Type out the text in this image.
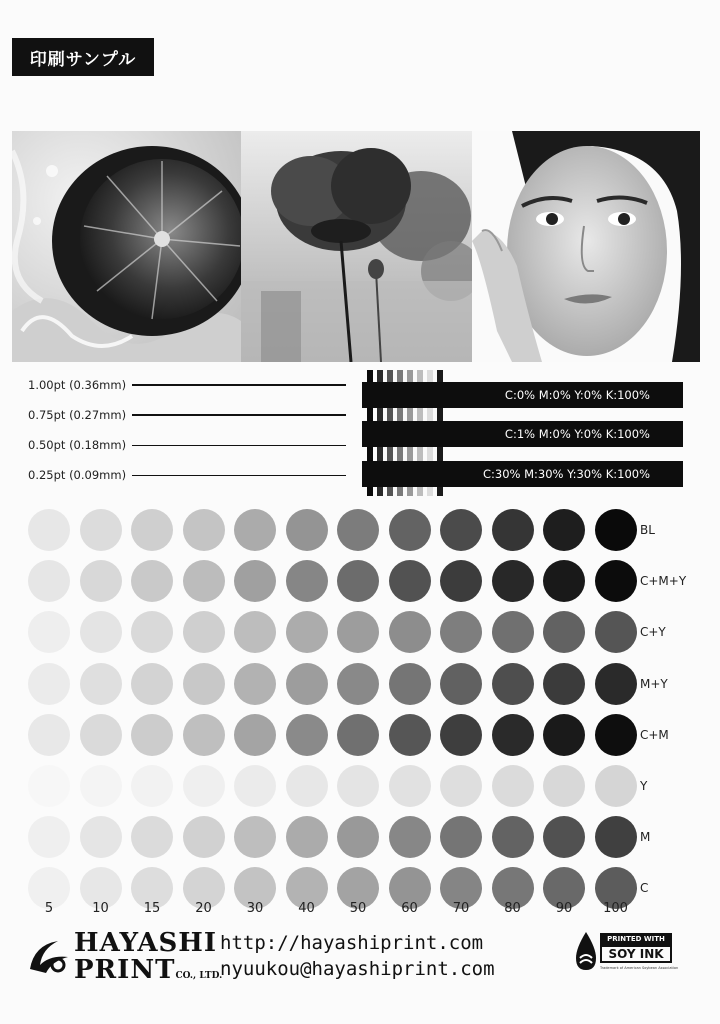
印刷サンプル
1.00pt (0.36mm)
0.75pt (0.27mm)
0.50pt (0.18mm)
0.25pt (0.09mm)
C:0% M:0% Y:0% K:100%
C:1% M:0% Y:0% K:100%
C:30% M:30% Y:30% K:100%
BL
C+M+Y
C+Y
M+Y
C+M
Y
M
C
5	10	15	20	30	40	50	60	70	80	90	100
HAYASHI
PRINTCO., LTD.
http://hayashiprint.com
nyuukou@hayashiprint.com
PRINTED WITH
SOY INK
Trademark of American Soybean Association
